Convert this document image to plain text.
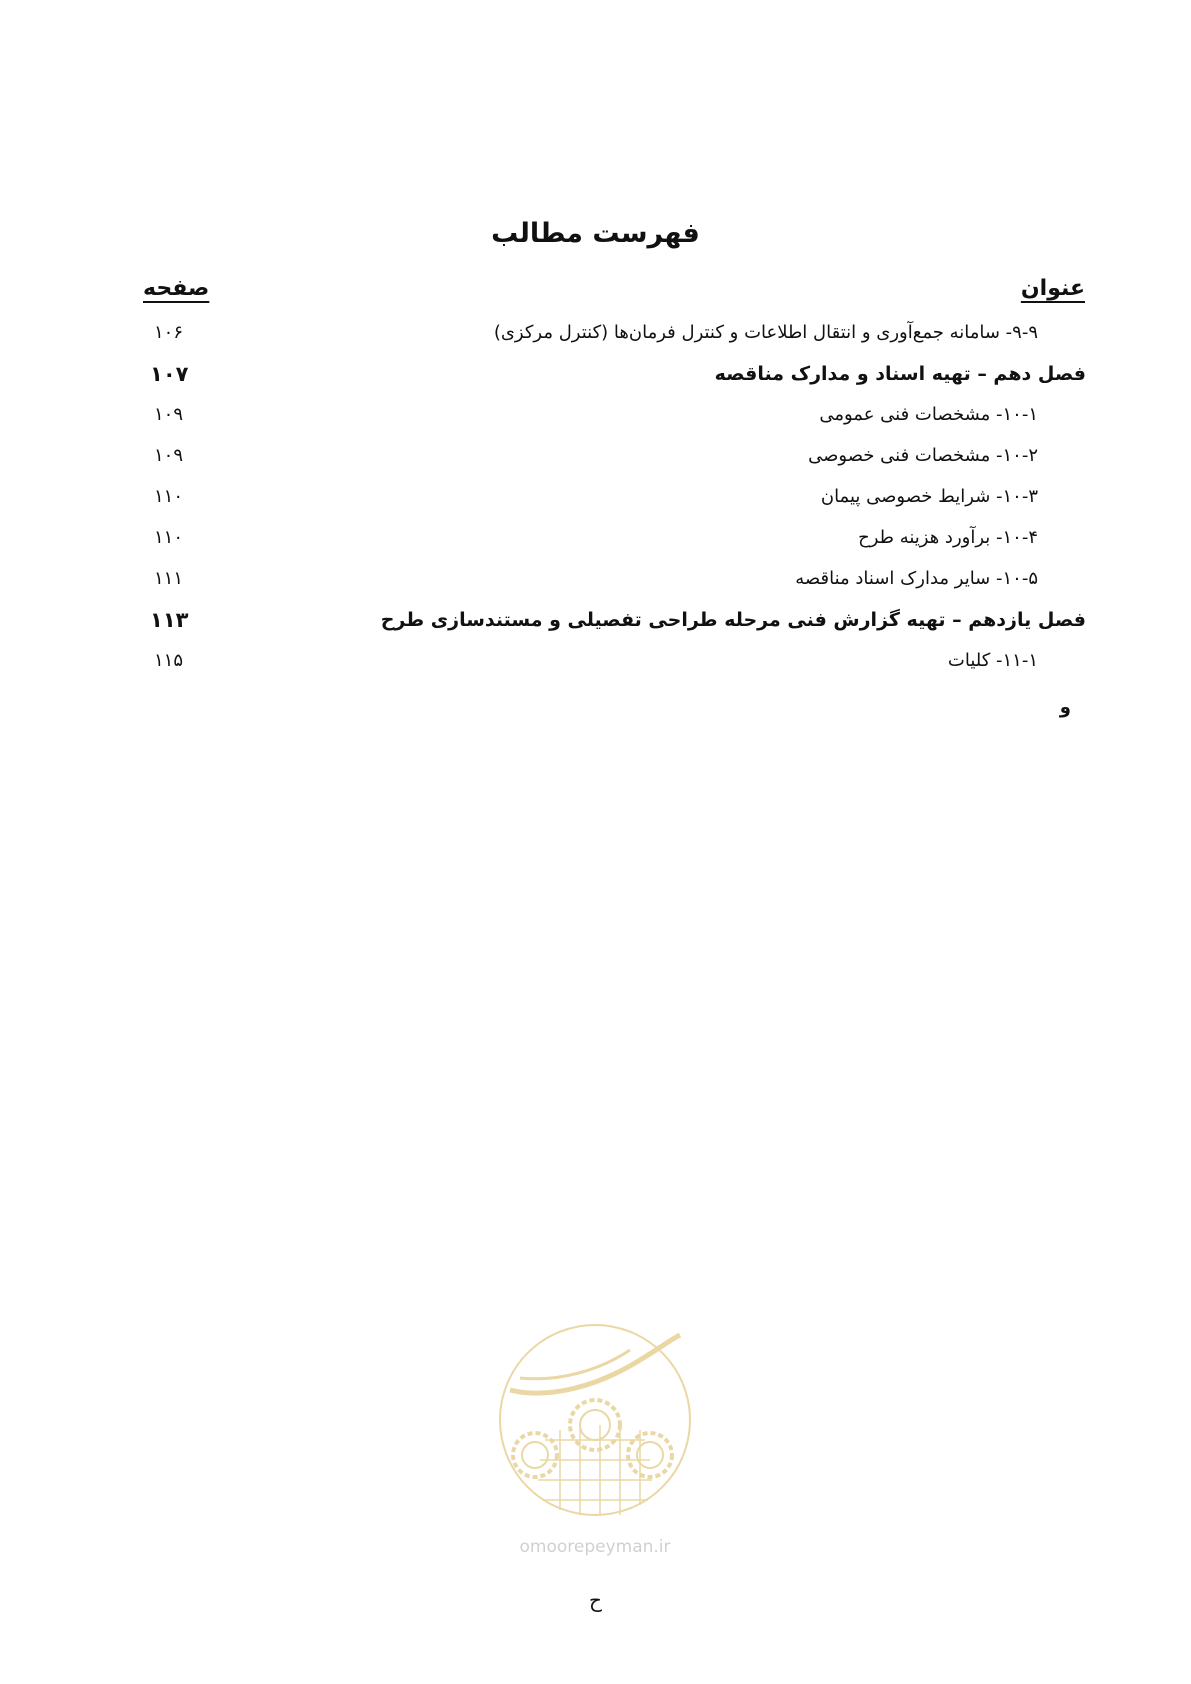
فهرست مطالب
عنوان
صفحه
۹-۹- سامانه جمع‌آوری و انتقال اطلاعات و کنترل فرمان‌ها (کنترل مرکزی)
۱۰۶
فصل دهم – تهیه اسناد و مدارک مناقصه
۱۰۷
۱۰-۱- مشخصات فنی عمومی
۱۰۹
۱۰-۲- مشخصات فنی خصوصی
۱۰۹
۱۰-۳- شرایط خصوصی پیمان
۱۱۰
۱۰-۴- برآورد هزینه طرح
۱۱۰
۱۰-۵- سایر مدارک اسناد مناقصه
۱۱۱
فصل یازدهم – تهیه گزارش فنی مرحله طراحی تفصیلی و مستندسازی طرح
۱۱۳
۱۱-۱- کلیات
۱۱۵
و
omoorepeyman.ir
ح
